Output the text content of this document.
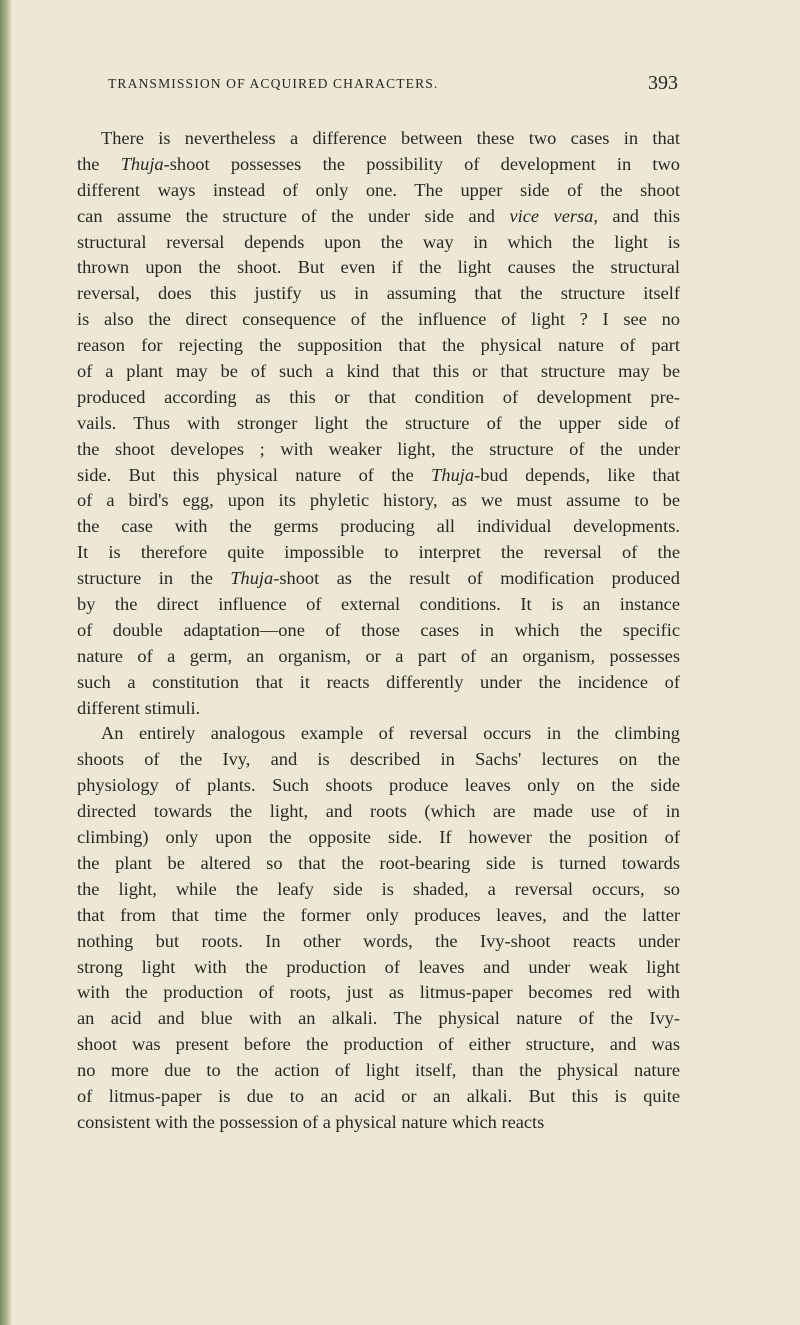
TRANSMISSION OF ACQUIRED CHARACTERS.	393
There is nevertheless a difference between these two cases in that
the Thuja-shoot possesses the possibility of development in two
different ways instead of only one. The upper side of the shoot
can assume the structure of the under side and vice versa, and this
structural reversal depends upon the way in which the light is
thrown upon the shoot. But even if the light causes the structural
reversal, does this justify us in assuming that the structure itself
is also the direct consequence of the influence of light ? I see no
reason for rejecting the supposition that the physical nature of part
of a plant may be of such a kind that this or that structure may be
produced according as this or that condition of development pre-
vails. Thus with stronger light the structure of the upper side of
the shoot developes ; with weaker light, the structure of the under
side. But this physical nature of the Thuja-bud depends, like that
of a bird's egg, upon its phyletic history, as we must assume to be
the case with the germs producing all individual developments.
It is therefore quite impossible to interpret the reversal of the
structure in the Thuja-shoot as the result of modification produced
by the direct influence of external conditions. It is an instance
of double adaptation—one of those cases in which the specific
nature of a germ, an organism, or a part of an organism, possesses
such a constitution that it reacts differently under the incidence of
different stimuli.
An entirely analogous example of reversal occurs in the climbing
shoots of the Ivy, and is described in Sachs' lectures on the
physiology of plants. Such shoots produce leaves only on the side
directed towards the light, and roots (which are made use of in
climbing) only upon the opposite side. If however the position of
the plant be altered so that the root-bearing side is turned towards
the light, while the leafy side is shaded, a reversal occurs, so
that from that time the former only produces leaves, and the latter
nothing but roots. In other words, the Ivy-shoot reacts under
strong light with the production of leaves and under weak light
with the production of roots, just as litmus-paper becomes red with
an acid and blue with an alkali. The physical nature of the Ivy-
shoot was present before the production of either structure, and was
no more due to the action of light itself, than the physical nature
of litmus-paper is due to an acid or an alkali. But this is quite
consistent with the possession of a physical nature which reacts
